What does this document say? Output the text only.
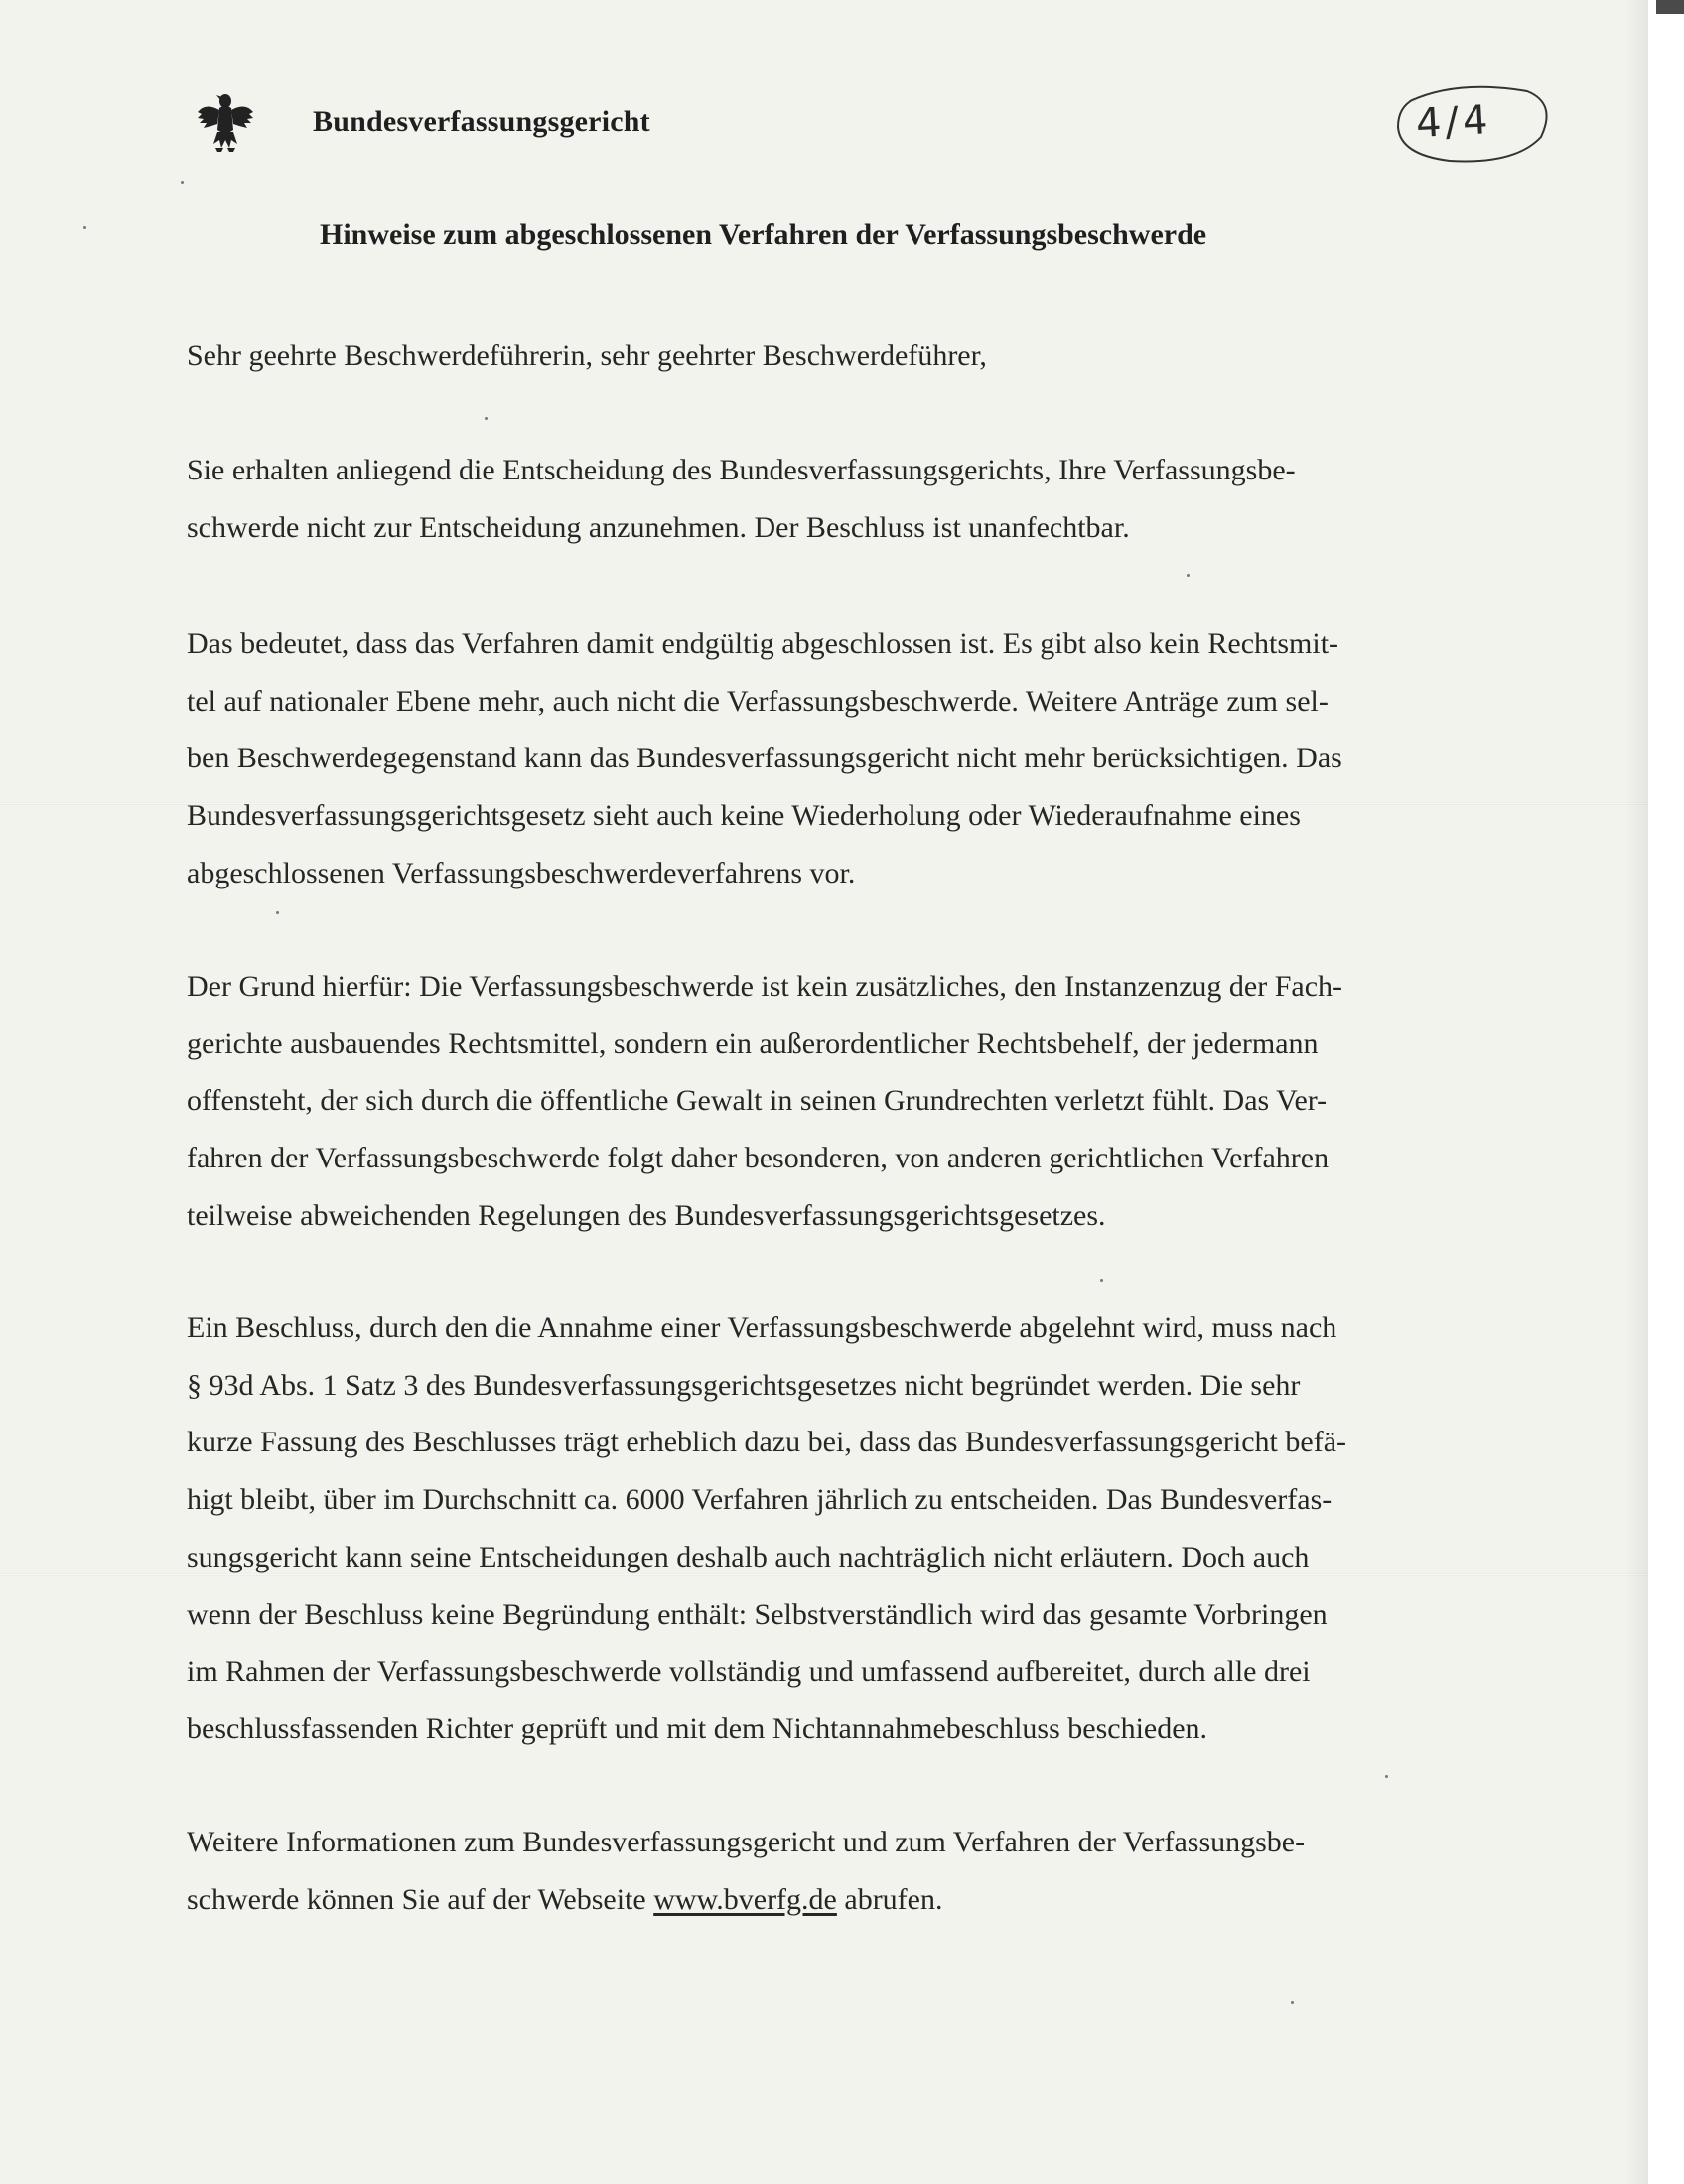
Bundesverfassungsgericht	4/4
Hinweise zum abgeschlossenen Verfahren der Verfassungsbeschwerde

Sehr geehrte Beschwerdeführerin, sehr geehrter Beschwerdeführer,

Sie erhalten anliegend die Entscheidung des Bundesverfassungsgerichts, Ihre Verfassungsbe-

schwerde nicht zur Entscheidung anzunehmen. Der Beschluss ist unanfechtbar.

Das bedeutet, dass das Verfahren damit endgültig abgeschlossen ist. Es gibt also kein Rechtsmit-

tel auf nationaler Ebene mehr, auch nicht die Verfassungsbeschwerde. Weitere Anträge zum sel-

ben Beschwerdegegenstand kann das Bundesverfassungsgericht nicht mehr berücksichtigen. Das

Bundesverfassungsgerichtsgesetz sieht auch keine Wiederholung oder Wiederaufnahme eines

abgeschlossenen Verfassungsbeschwerdeverfahrens vor.

Der Grund hierfür: Die Verfassungsbeschwerde ist kein zusätzliches, den Instanzenzug der Fach-

gerichte ausbauendes Rechtsmittel, sondern ein außerordentlicher Rechtsbehelf, der jedermann

offensteht, der sich durch die öffentliche Gewalt in seinen Grundrechten verletzt fühlt. Das Ver-

fahren der Verfassungsbeschwerde folgt daher besonderen, von anderen gerichtlichen Verfahren

teilweise abweichenden Regelungen des Bundesverfassungsgerichtsgesetzes.

Ein Beschluss, durch den die Annahme einer Verfassungsbeschwerde abgelehnt wird, muss nach

§ 93d Abs. 1 Satz 3 des Bundesverfassungsgerichtsgesetzes nicht begründet werden. Die sehr

kurze Fassung des Beschlusses trägt erheblich dazu bei, dass das Bundesverfassungsgericht befä-

higt bleibt, über im Durchschnitt ca. 6000 Verfahren jährlich zu entscheiden. Das Bundesverfas-

sungsgericht kann seine Entscheidungen deshalb auch nachträglich nicht erläutern. Doch auch

wenn der Beschluss keine Begründung enthält: Selbstverständlich wird das gesamte Vorbringen

im Rahmen der Verfassungsbeschwerde vollständig und umfassend aufbereitet, durch alle drei

beschlussfassenden Richter geprüft und mit dem Nichtannahmebeschluss beschieden.

Weitere Informationen zum Bundesverfassungsgericht und zum Verfahren der Verfassungsbe-

schwerde können Sie auf der Webseite www.bverfg.de abrufen.
